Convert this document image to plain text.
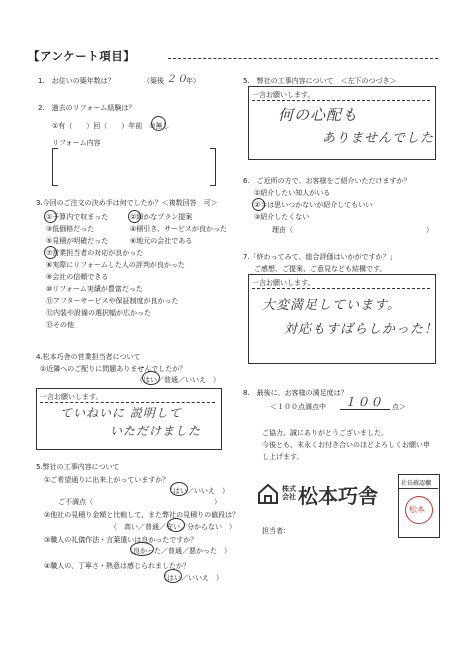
【アンケート項目】
1.　お住いの築年数は？	（築後 ２０
年）
2.　過去のリフォーム経験は？
①有（　　）回（　　）年前　②無し
リフォーム内容
3.今回のご注文の決め手は何でしたか？＜複数回答　可＞
①予算内で収まった	②細かなプラン提案
③低価格だった	④積引き、サービスが良かった
⑤見積が明確だった	⑥地元の会社である
⑦営業担当者の対応が良かった
⑧実際にリフォームした人の評判が良かった
⑨会社の信頼できる
⑩リフォーム実績が豊富だった
⑪アフターサービスや保証制度が良かった
⑫内装や設備の選択幅が広かった
⑬その他
4.松本巧舎の営業担当者について
①近隣へのご配りに問題ありませんでしたか？
（はい／普通／いいえ　）
一言お願いします。
ていねいに 説明して
いただけました
5.弊社の工事内容について
①ご希望通りに出来上がっていますか？
（はい／いいえ　）
ご不満点（	）
②他社の見積り金額と比較して、また弊社の見積りの値段は？
（　高い／普通／安い／分からない　）
③職人の礼儀作法・言葉遣いは良かったですか？
（良かった／普通／悪かった　）
④職人の、丁寧さ・熱意は感じられましたか？
（はい／いいえ　）
5.　弊社の工事内容について　＜左下のつづき＞
一言お願いします。
何の心配も
ありませんでした
6.　ご近所の方で、お客様をご紹介いただけますか？
①紹介したい知人がいる
②今は思いつかないが紹介してもいい
③紹介したくない
理由（	）
7.「終わってみて、総合評価はいかがですか？」
ご感想、ご提案、ご意見なども結構です。
一言お願いします。
大変満足しています。
対応もすばらしかった！
8.　最後に、お客様の満足度は？
＜１００点満点中 １００ 点＞
ご協力、誠にありがとうございました。
今後とも、末永くお付き合いのほどよろしくお願い申
し上げます。
株式会社 松本巧舎
担当者：
社長確認欄
松本
